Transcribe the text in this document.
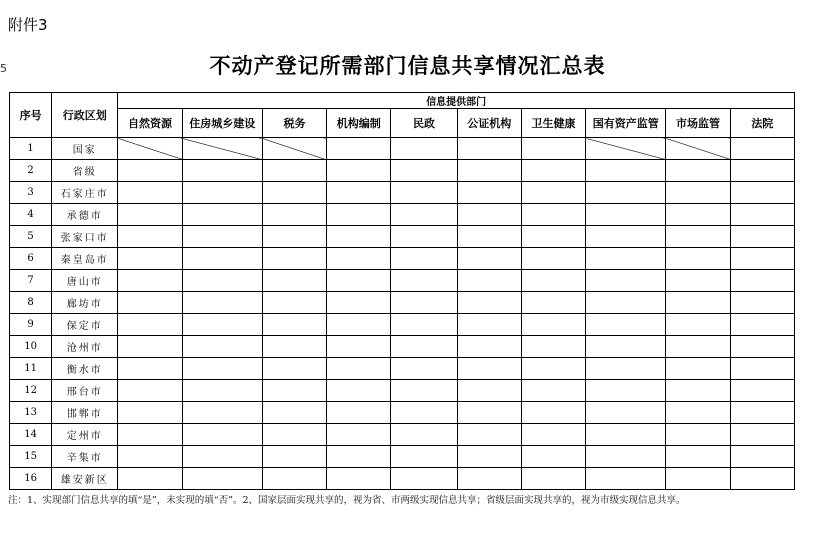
附件3
5	不动产登记所需部门信息共享情况汇总表
序号	行政区划	信息提供部门									
		自然资源	住房城乡建设	税务	机构编制	民政	公证机构	卫生健康	国有资产监管	市场监管	法院
1	国家										
2	省级										
3	石家庄市										
4	承德市										
5	张家口市										
6	秦皇岛市										
7	唐山市										
8	廊坊市										
9	保定市										
10	沧州市										
11	衡水市										
12	邢台市										
13	邯郸市										
14	定州市										
15	辛集市										
16	雄安新区										
注：1、实现部门信息共享的填“是”，未实现的填“否”。2、国家层面实现共享的，视为省、市两级实现信息共享；省级层面实现共享的，视为市级实现信息共享。
